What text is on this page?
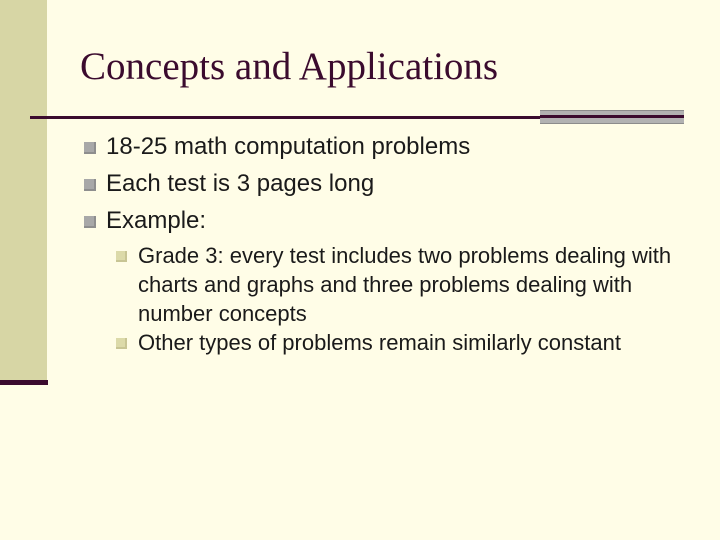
Concepts and Applications
18-25 math computation problems
Each test is 3 pages long
Example:
Grade 3: every test includes two problems dealing with charts and graphs and three problems dealing with number concepts
Other types of problems remain similarly constant
